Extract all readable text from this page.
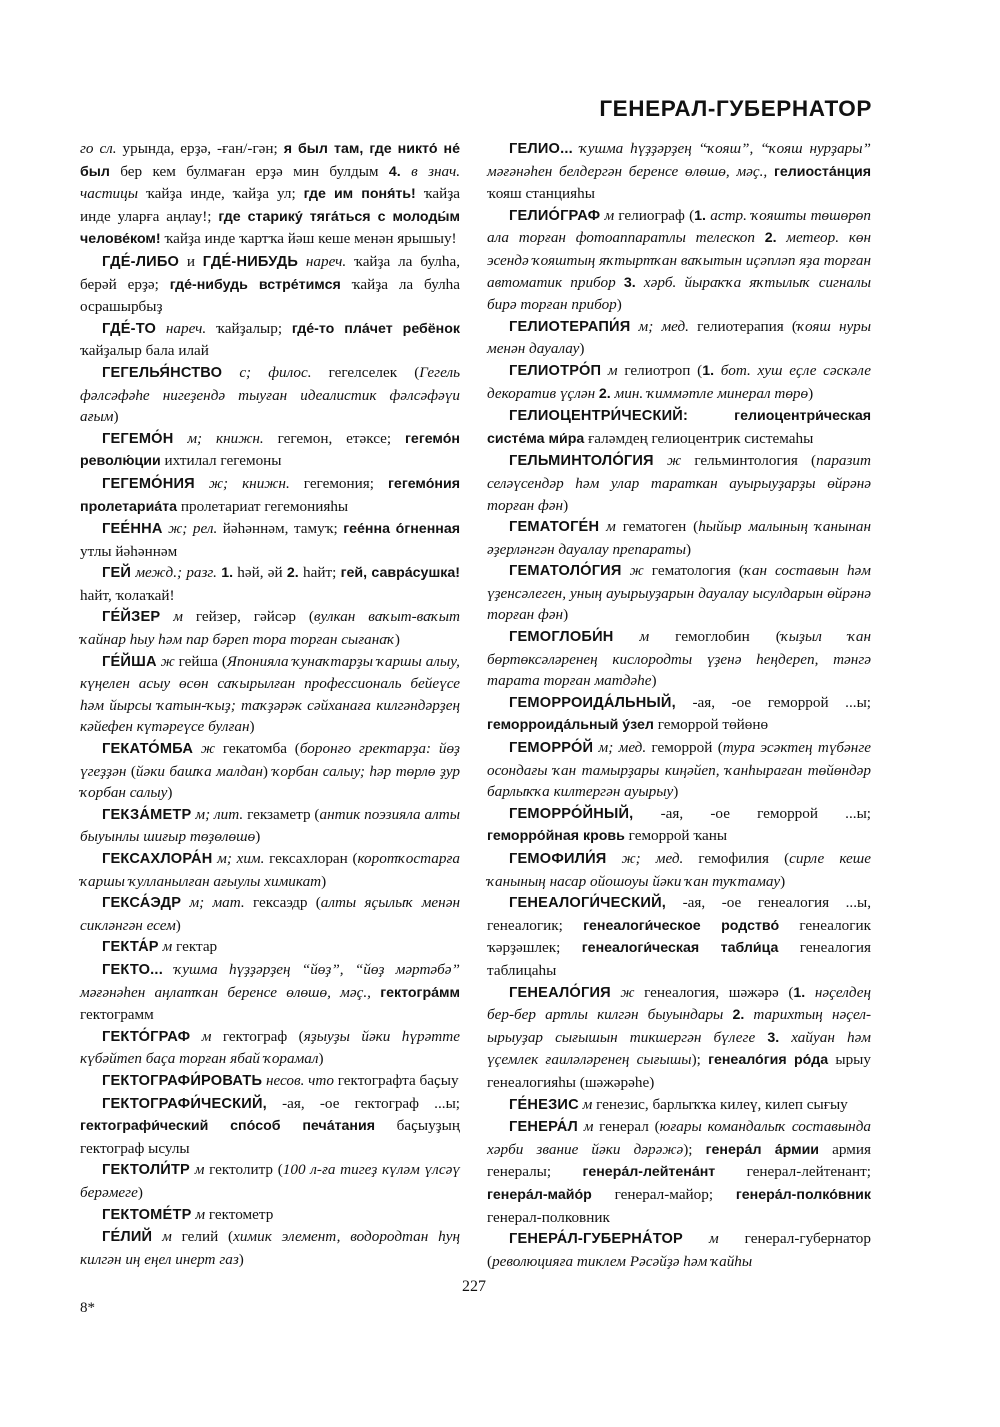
ГЕНЕРАЛ-ГУБЕРНАТОР

го сл. урында, ерҙә, -ған/-гән; я был там, где никто́ не́ был бер кем булмаған ерҙә мин булдым 4. в знач. частицы ҡайҙа инде, ҡайҙа ул; где им поня́ть! ҡайҙа инде уларға аңлау!; где старику́ тяга́ться с молоды́м челове́ком! ҡайҙа инде ҡартҡа йәш кеше менән ярышыу!

ГДЕ́-ЛИБО и ГДЕ́-НИБУДЬ нареч. ҡайҙа ла булһа, берәй ерҙә; где́-нибудь встре́тимся ҡайҙа ла булһа осрашырбыҙ

ГДЕ́-ТО нареч. ҡайҙалыр; где́-то пла́чет ребёнок ҡайҙалыр бала илай

ГЕГЕЛЬЯ́НСТВО с; филос. гегелселек (Гегель фәлсәфәһе нигеҙендә тыуған идеалистик фәлсәфәүи ағым)

ГЕГЕМО́Н м; книжн. гегемон, етәксе; гегемо́н револю́ции ихтилал гегемоны

ГЕГЕМО́НИЯ ж; книжн. гегемония; гегемо́ния пролетариа́та пролетариат гегемонияһы

ГЕЕ́ННА ж; рел. йәһәннәм, тамуҡ; гее́нна о́гненная утлы йәһәннәм

ГЕЙ межд.; разг. 1. һәй, әй 2. һайт; гей, савра́сушка! һайт, ҡолаҡай!

ГЕ́ЙЗЕР м гейзер, гәйсәр (вулкан ваҡыт-ваҡыт ҡайнар һыу һәм пар бәреп тора торған сығанаҡ)

ГЕ́ЙША ж гейша (Японияла ҡунаҡтарҙы ҡаршы алыу, күңелен асыу өсөн саҡырылған профессиональ бейеүсе һәм йырсы ҡатын-ҡыҙ; таҡҙәрәк сәйханаға килгәндәрҙең кәйефен күтәреүсе булған)

ГЕКАТО́МБА ж гекатомба (боронғо гректарҙа: йөҙ үгеҙҙән (йәки башҡа малдан) ҡорбан салыу; һәр төрлө ҙур ҡорбан салыу)

ГЕКЗА́МЕТР м; лит. гекзаметр (антик поэзияла алты быуынлы шиғыр төҙөлөшө)

ГЕКСАХЛОРА́Н м; хим. гексахлоран (коротҡостарға ҡаршы ҡулланылған ағыулы химикат)

ГЕКСА́ЭДР м; мат. гексаэдр (алты яҫылыҡ менән сикләнгән есем)

ГЕКТА́Р м гектар

ГЕКТО... ҡушма һүҙҙәрҙең “йөҙ”, “йөҙ мәртәбә” мәғәнәһен аңлатҡан беренсе өлөшө, мәҫ., гектогра́мм гектограмм

ГЕКТО́ГРАФ м гектограф (яҙыуҙы йәки һүрәтте күбәйтеп баҫа торған ябай ҡорамал)

ГЕКТОГРАФИ́РОВАТЬ несов. что гектографта баҫыу

ГЕКТОГРАФИ́ЧЕСКИЙ, -ая, -ое гектограф ...ы; гектографи́ческий спо́соб печа́тания баҫыуҙың гектограф ысулы

ГЕКТОЛИ́ТР м гектолитр (100 л-ға тигеҙ күләм үлсәү берәмеге)

ГЕКТОМЕ́ТР м гектометр

ГЕ́ЛИЙ м гелий (химик элемент, водородтан һуң килгән иң еңел инерт газ)

ГЕЛИО... ҡушма һүҙҙәрҙең “ҡояш”, “ҡояш нурҙары” мәғәнәһен белдергән беренсе өлөшө, мәҫ., гелиоста́нция ҡояш станцияһы

ГЕЛИО́ГРАФ м гелиограф (1. астр. ҡояшты төшөрөп ала торған фотоаппаратлы телескоп 2. метеор. көн эсендә ҡояштың яҡтыртҡан ваҡытын иҫәпләп яҙа торған автоматик прибор 3. хәрб. йыраҡҡа яҡтылыҡ сигналы бирә торған прибор)

ГЕЛИОТЕРАПИ́Я м; мед. гелиотерапия (ҡояш нуры менән дауалау)

ГЕЛИОТРО́П м гелиотроп (1. бот. хуш еҫле сәскәле декоратив үҫлән 2. мин. ҡиммәтле минерал төрө)

ГЕЛИОЦЕНТРИ́ЧЕСКИЙ:	гелиоцентри́ческая систе́ма ми́ра ғаләмдең гелиоцентрик системаһы

ГЕЛЬМИНТОЛО́ГИЯ ж гельминтология (паразит селәүсендәр һәм улар тараткан ауырыуҙарҙы өйрәнә торған фән)

ГЕМАТОГЕ́Н м гематоген (һыйыр малының ҡанынан әҙерләнгән дауалау препараты)

ГЕМАТОЛО́ГИЯ ж гематология (ҡан составын һәм үҙенсәлеген, уның ауырыуҙарын дауалау ысулдарын өйрәнә торған фән)

ГЕМОГЛОБИ́Н м гемоглобин (ҡыҙыл ҡан бөртөксәләренең кислородты үҙенә һеңдереп, тәнгә тарата торған матдәһе)

ГЕМОРРОИДА́ЛЬНЫЙ, -ая, -ое геморрой ...ы; геморроида́льный у́зел геморрой төйөнө

ГЕМОРРО́Й м; мед. геморрой (тура эсәктең түбәнге осондағы ҡан тамырҙары киңәйеп, ҡанһыраған төйөндәр барлыҡҡа килтергән ауырыу)

ГЕМОРРО́ЙНЫЙ, -ая, -ое геморрой ...ы; геморро́йная кровь геморрой ҡаны

ГЕМОФИЛИ́Я ж; мед. гемофилия (сирле кеше ҡанының насар ойошоуы йәки ҡан туҡтамау)

ГЕНЕАЛОГИ́ЧЕСКИЙ, -ая, -ое генеалогия ...ы, генеалогик; генеалоги́ческое родство́ генеалогик ҡәрҙәшлек; генеалоги́ческая табли́ца генеалогия таблицаһы

ГЕНЕАЛО́ГИЯ ж генеалогия, шәжәрә (1. нәҫелдең бер-бер артлы килгән быуындары 2. тарихтың нәҫел-ырыуҙар сығышын тикшергән бүлеге 3. хайуан һәм үҫемлек ғаиләләренең сығышы); генеало́гия ро́да ырыу генеалогияһы (шәжәрәһе)

ГЕ́НЕЗИС м генезис, барлыҡҡа килеү, килеп сығыу

ГЕНЕРА́Л м генерал (юғары командалыҡ составында хәрби звание йәки дәрәжә); генера́л а́рмии армия генералы; генера́л-лейтена́нт генерал-лейтенант; генера́л-майо́р генерал-майор; генера́л-полко́вник генерал-полковник

ГЕНЕРА́Л-ГУБЕРНА́ТОР м генерал-губернатор (революцияға тиклем Рәсәйҙә һәм ҡайһы

227
8*
